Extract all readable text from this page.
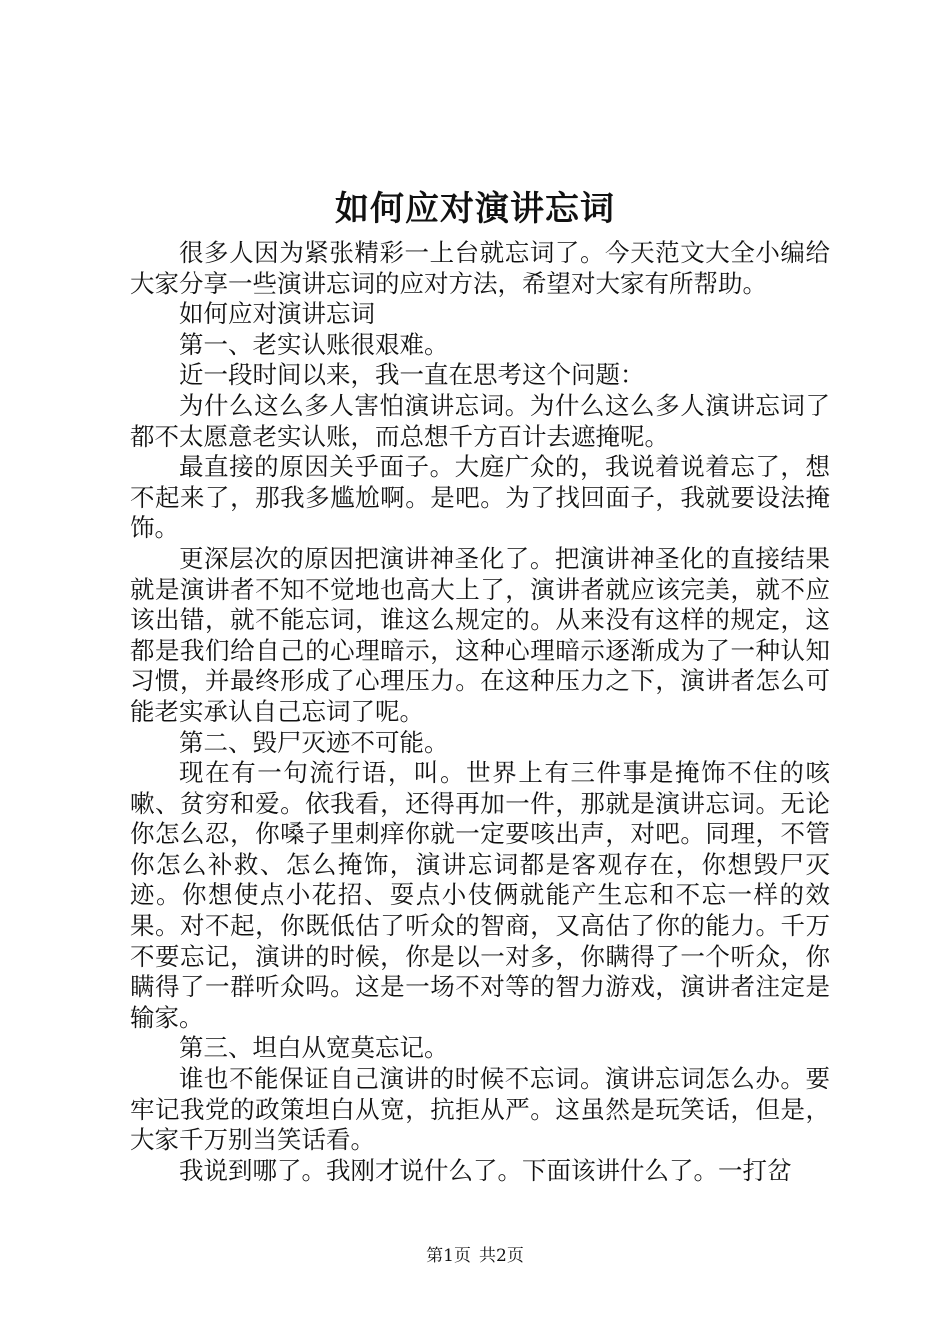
如何应对演讲忘词

很多人因为紧张精彩一上台就忘词了。今天范文大全小编给大家分享一些演讲忘词的应对方法，希望对大家有所帮助。

如何应对演讲忘词

第一、老实认账很艰难。

近一段时间以来，我一直在思考这个问题：

为什么这么多人害怕演讲忘词。为什么这么多人演讲忘词了都不太愿意老实认账，而总想千方百计去遮掩呢。

最直接的原因关乎面子。大庭广众的，我说着说着忘了，想不起来了，那我多尴尬啊。是吧。为了找回面子，我就要设法掩饰。

更深层次的原因把演讲神圣化了。把演讲神圣化的直接结果就是演讲者不知不觉地也高大上了，演讲者就应该完美，就不应该出错，就不能忘词，谁这么规定的。从来没有这样的规定，这都是我们给自己的心理暗示，这种心理暗示逐渐成为了一种认知习惯，并最终形成了心理压力。在这种压力之下，演讲者怎么可能老实承认自己忘词了呢。

第二、毁尸灭迹不可能。

现在有一句流行语，叫。世界上有三件事是掩饰不住的咳嗽、贫穷和爱。依我看，还得再加一件，那就是演讲忘词。无论你怎么忍，你嗓子里刺痒你就一定要咳出声，对吧。同理，不管你怎么补救、怎么掩饰，演讲忘词都是客观存在，你想毁尸灭迹。你想使点小花招、耍点小伎俩就能产生忘和不忘一样的效果。对不起，你既低估了听众的智商，又高估了你的能力。千万不要忘记，演讲的时候，你是以一对多，你瞒得了一个听众，你瞒得了一群听众吗。这是一场不对等的智力游戏，演讲者注定是输家。

第三、坦白从宽莫忘记。

谁也不能保证自己演讲的时候不忘词。演讲忘词怎么办。要牢记我党的政策坦白从宽，抗拒从严。这虽然是玩笑话，但是，大家千万别当笑话看。

我说到哪了。我刚才说什么了。下面该讲什么了。一打岔

第1页 共2页
